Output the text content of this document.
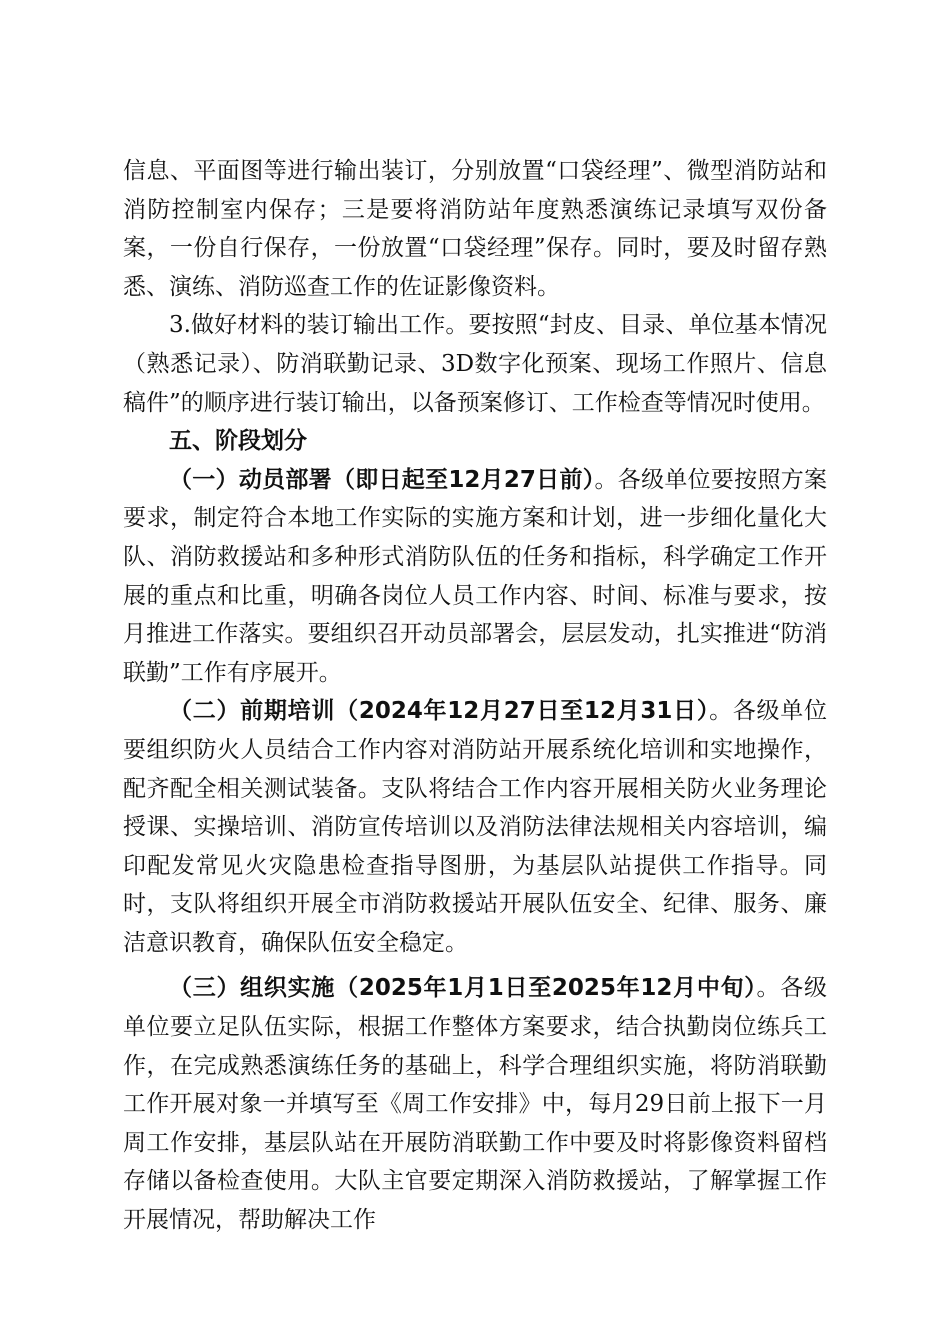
信息、平面图等进行输出装订，分别放置“口袋经理”、微型消防站和消防控制室内保存；三是要将消防站年度熟悉演练记录填写双份备案，一份自行保存，一份放置“口袋经理”保存。同时，要及时留存熟悉、演练、消防巡查工作的佐证影像资料。

3.做好材料的装订输出工作。要按照“封皮、目录、单位基本情况（熟悉记录）、防消联勤记录、3D数字化预案、现场工作照片、信息稿件”的顺序进行装订输出，以备预案修订、工作检查等情况时使用。

五、阶段划分

（一）动员部署（即日起至12月27日前）。各级单位要按照方案要求，制定符合本地工作实际的实施方案和计划，进一步细化量化大队、消防救援站和多种形式消防队伍的任务和指标，科学确定工作开展的重点和比重，明确各岗位人员工作内容、时间、标准与要求，按月推进工作落实。要组织召开动员部署会，层层发动，扎实推进“防消联勤”工作有序展开。

（二）前期培训（2024年12月27日至12月31日）。各级单位要组织防火人员结合工作内容对消防站开展系统化培训和实地操作，配齐配全相关测试装备。支队将结合工作内容开展相关防火业务理论授课、实操培训、消防宣传培训以及消防法律法规相关内容培训，编印配发常见火灾隐患检查指导图册，为基层队站提供工作指导。同时，支队将组织开展全市消防救援站开展队伍安全、纪律、服务、廉洁意识教育，确保队伍安全稳定。

（三）组织实施（2025年1月1日至2025年12月中旬）。各级单位要立足队伍实际，根据工作整体方案要求，结合执勤岗位练兵工作，在完成熟悉演练任务的基础上，科学合理组织实施，将防消联勤工作开展对象一并填写至《周工作安排》中，每月29日前上报下一月周工作安排，基层队站在开展防消联勤工作中要及时将影像资料留档存储以备检查使用。大队主官要定期深入消防救援站，了解掌握工作开展情况，帮助解决工作
